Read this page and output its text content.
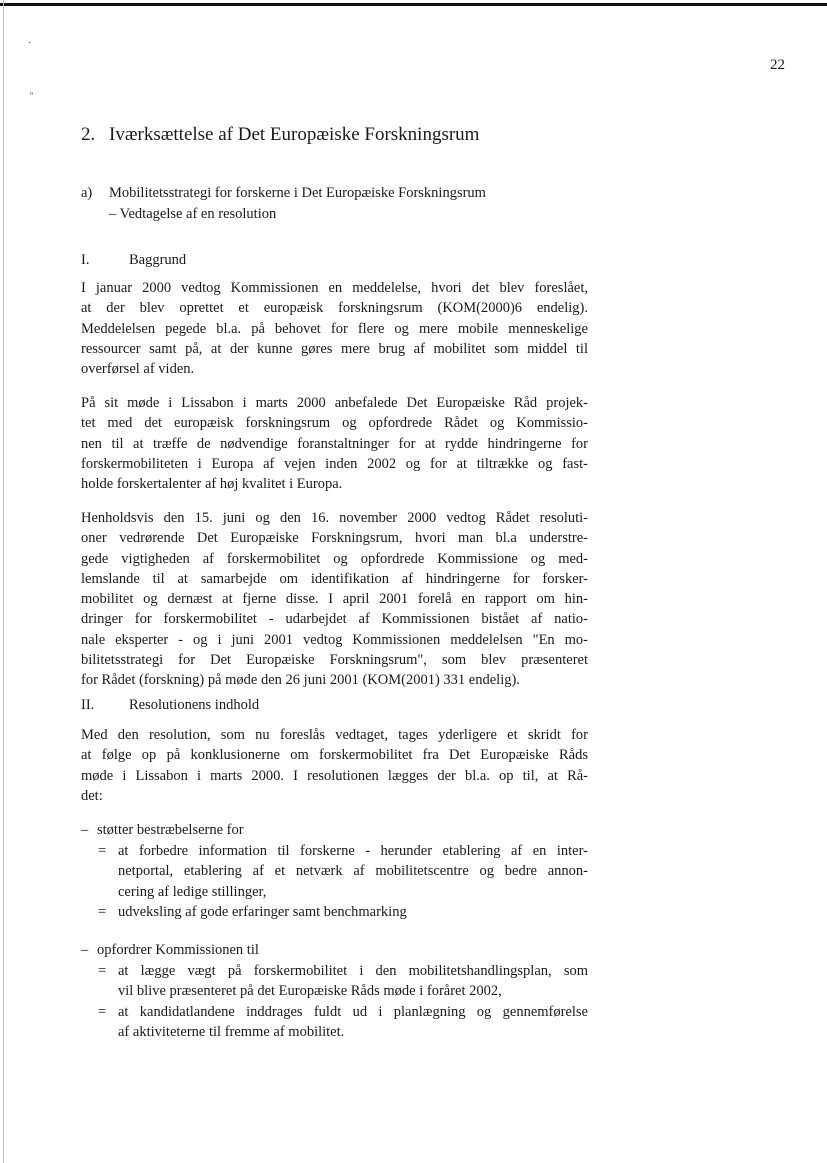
·
ₒ
22
2. Iværksættelse af Det Europæiske Forskningsrum
a) Mobilitetsstrategi for forskerne i Det Europæiske Forskningsrum
– Vedtagelse af en resolution
I.	Baggrund
I januar 2000 vedtog Kommissionen en meddelelse, hvori det blev foreslået,
at der blev oprettet et europæisk forskningsrum (KOM(2000)6 endelig).
Meddelelsen pegede bl.a. på behovet for flere og mere mobile menneskelige
ressourcer samt på, at der kunne gøres mere brug af mobilitet som middel til
overførsel af viden.
På sit møde i Lissabon i marts 2000 anbefalede Det Europæiske Råd projek-
tet med det europæisk forskningsrum og opfordrede Rådet og Kommissio-
nen til at træffe de nødvendige foranstaltninger for at rydde hindringerne for
forskermobiliteten i Europa af vejen inden 2002 og for at tiltrække og fast-
holde forskertalenter af høj kvalitet i Europa.
Henholdsvis den 15. juni og den 16. november 2000 vedtog Rådet resoluti-
oner vedrørende Det Europæiske Forskningsrum, hvori man bl.a understre-
gede vigtigheden af forskermobilitet og opfordrede Kommissione og med-
lemslande til at samarbejde om identifikation af hindringerne for forsker-
mobilitet og dernæst at fjerne disse. I april 2001 forelå en rapport om hin-
dringer for forskermobilitet - udarbejdet af Kommissionen bistået af natio-
nale eksperter - og i juni 2001 vedtog Kommissionen meddelelsen "En mo-
bilitetsstrategi for Det Europæiske Forskningsrum", som blev præsenteret
for Rådet (forskning) på møde den 26 juni 2001 (KOM(2001) 331 endelig).
II. Resolutionens indhold
Med den resolution, som nu foreslås vedtaget, tages yderligere et skridt for
at følge op på konklusionerne om forskermobilitet fra Det Europæiske Råds
møde i Lissabon i marts 2000. I resolutionen lægges der bl.a. op til, at Rå-
det:
– støtter bestræbelserne for
= at forbedre information til forskerne - herunder etablering af en inter-
netportal, etablering af et netværk af mobilitetscentre og bedre annon-
cering af ledige stillinger,
= udveksling af gode erfaringer samt benchmarking
– opfordrer Kommissionen til
= at lægge vægt på forskermobilitet i den mobilitetshandlingsplan, som
vil blive præsenteret på det Europæiske Råds møde i foråret 2002,
= at kandidatlandene inddrages fuldt ud i planlægning og gennemførelse
af aktiviteterne til fremme af mobilitet.
